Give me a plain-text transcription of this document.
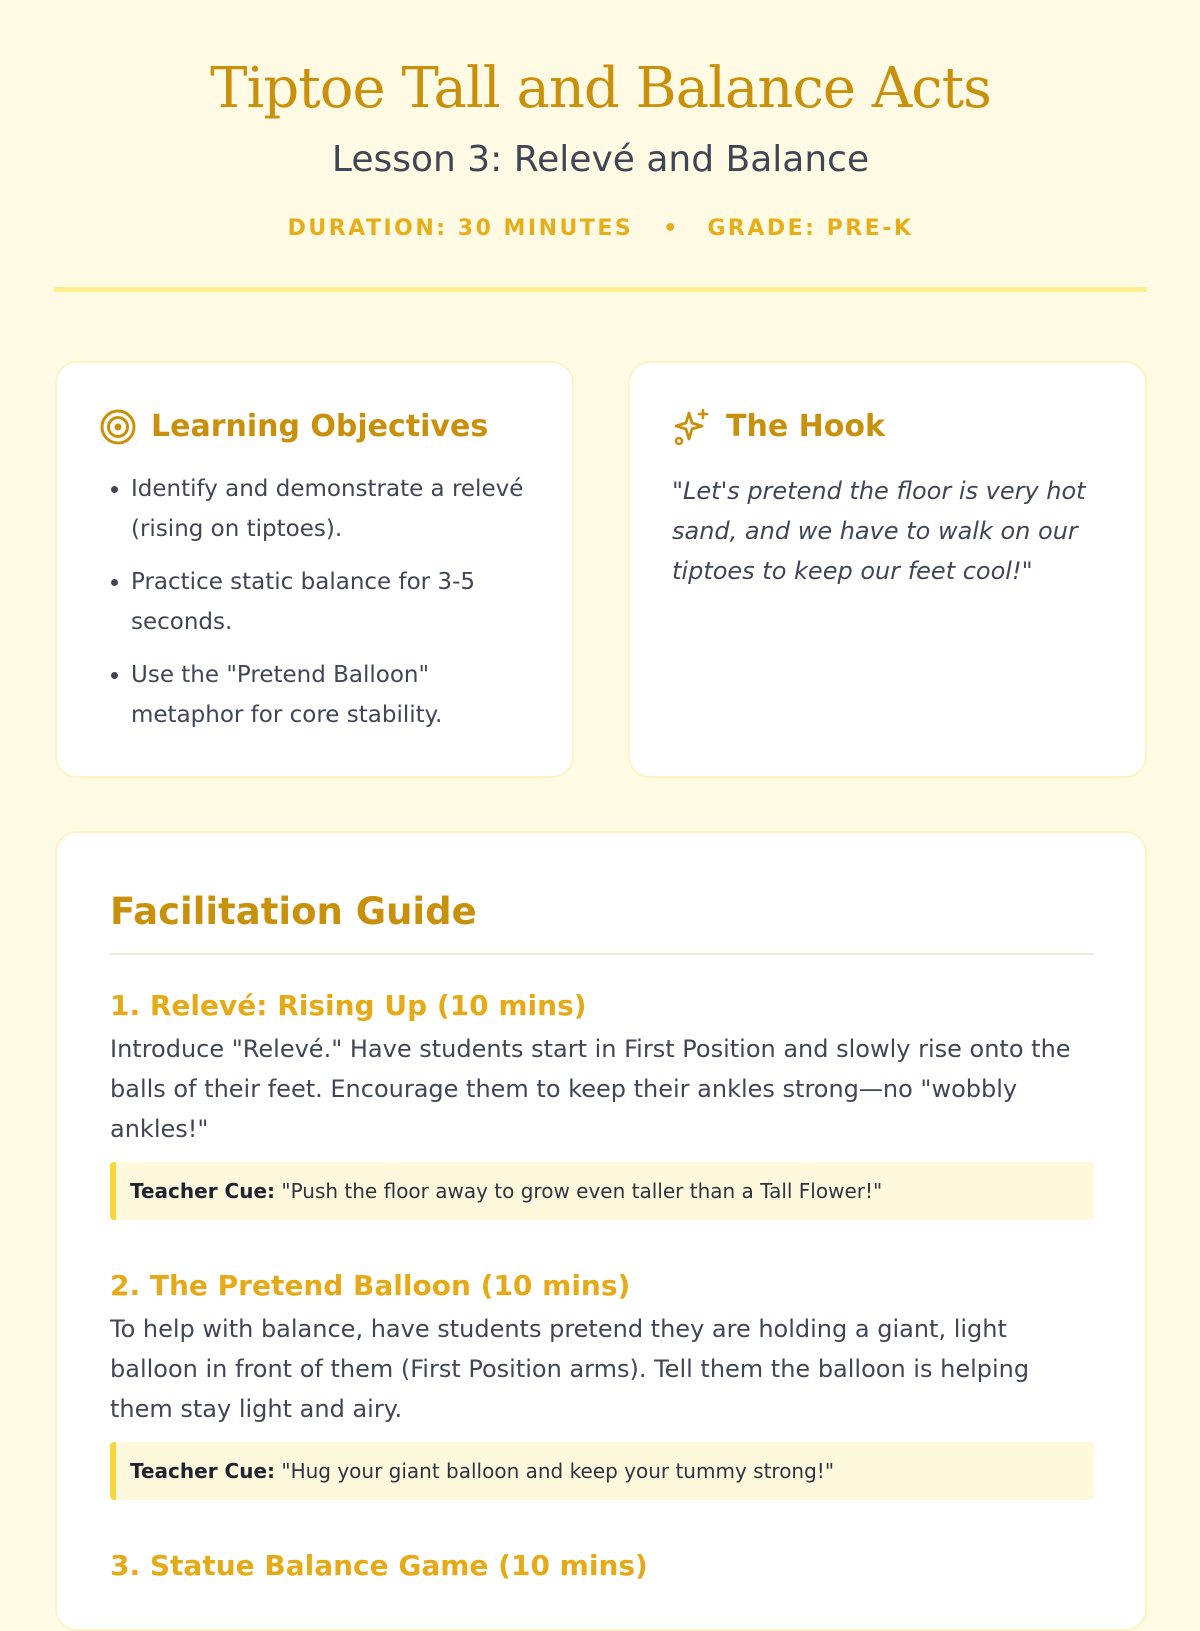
Tiptoe Tall and Balance Acts
Lesson 3: Relevé and Balance
DURATION: 30 MINUTES • GRADE: PRE-K
Learning Objectives
• Identify and demonstrate a relevé (rising on tiptoes).
• Practice static balance for 3-5 seconds.
• Use the "Pretend Balloon" metaphor for core stability.
The Hook

"Let's pretend the floor is very hot sand, and we have to walk on our tiptoes to keep our feet cool!"

Facilitation Guide
1. Relevé: Rising Up (10 mins)

Introduce "Relevé." Have students start in First Position and slowly rise onto the balls of their feet. Encourage them to keep their ankles strong—no "wobbly ankles!"

Teacher Cue: "Push the floor away to grow even taller than a Tall Flower!"
2. The Pretend Balloon (10 mins)

To help with balance, have students pretend they are holding a giant, light balloon in front of them (First Position arms). Tell them the balloon is helping them stay light and airy.

Teacher Cue: "Hug your giant balloon and keep your tummy strong!"
3. Statue Balance Game (10 mins)
